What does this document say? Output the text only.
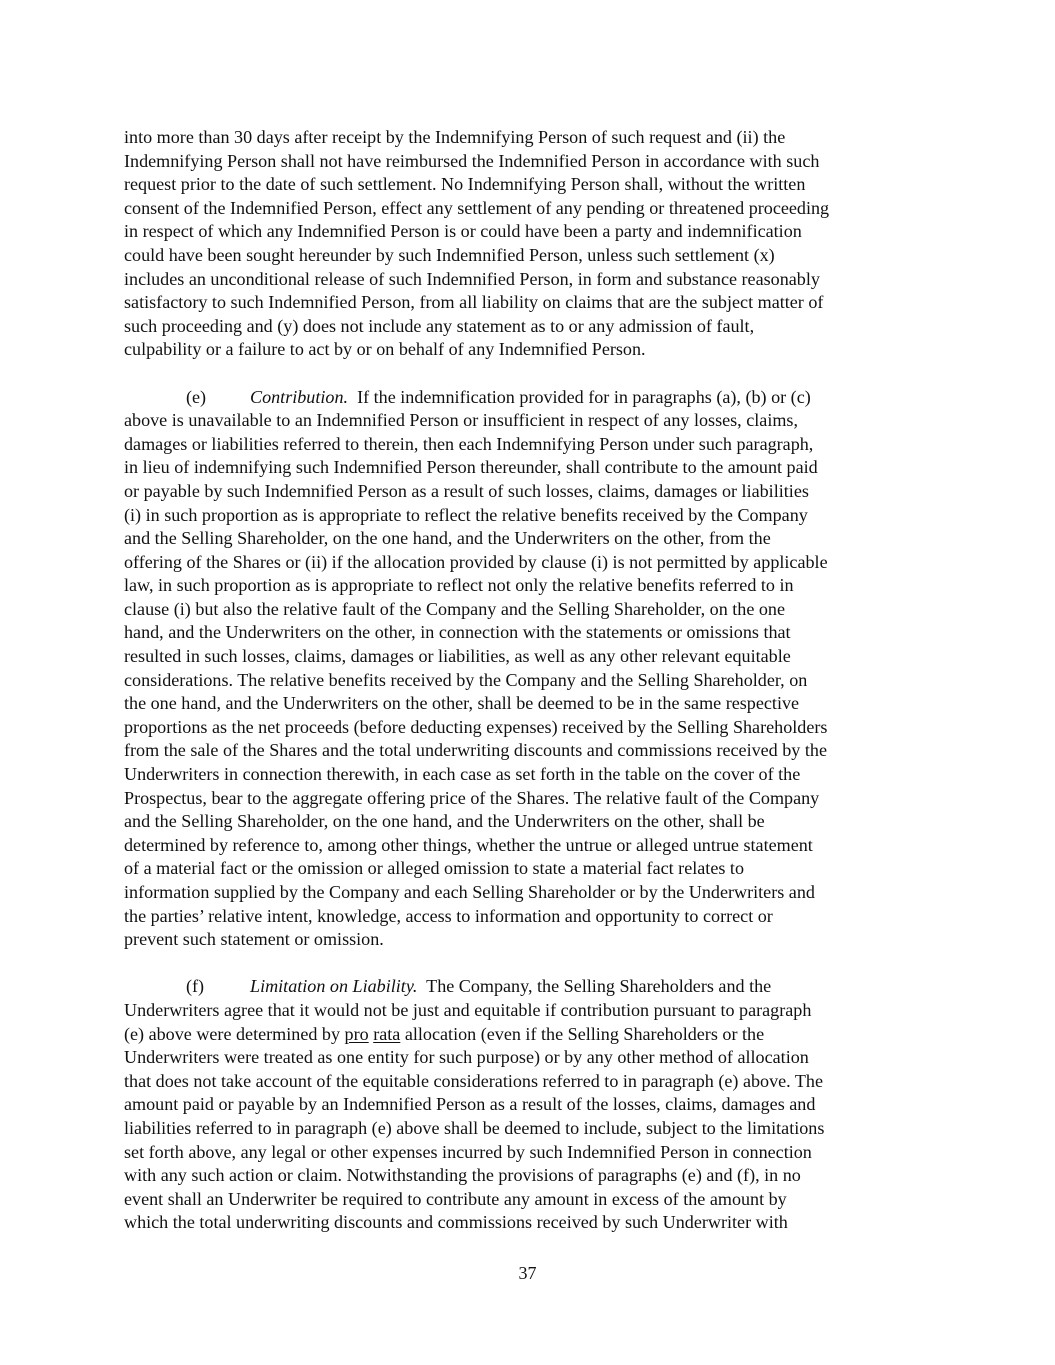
into more than 30 days after receipt by the Indemnifying Person of such request and (ii) the
Indemnifying Person shall not have reimbursed the Indemnified Person in accordance with such
request prior to the date of such settlement. No Indemnifying Person shall, without the written
consent of the Indemnified Person, effect any settlement of any pending or threatened proceeding
in respect of which any Indemnified Person is or could have been a party and indemnification
could have been sought hereunder by such Indemnified Person, unless such settlement (x)
includes an unconditional release of such Indemnified Person, in form and substance reasonably
satisfactory to such Indemnified Person, from all liability on claims that are the subject matter of
such proceeding and (y) does not include any statement as to or any admission of fault,
culpability or a failure to act by or on behalf of any Indemnified Person.

(e) Contribution. If the indemnification provided for in paragraphs (a), (b) or (c)
above is unavailable to an Indemnified Person or insufficient in respect of any losses, claims,
damages or liabilities referred to therein, then each Indemnifying Person under such paragraph,
in lieu of indemnifying such Indemnified Person thereunder, shall contribute to the amount paid
or payable by such Indemnified Person as a result of such losses, claims, damages or liabilities
(i) in such proportion as is appropriate to reflect the relative benefits received by the Company
and the Selling Shareholder, on the one hand, and the Underwriters on the other, from the
offering of the Shares or (ii) if the allocation provided by clause (i) is not permitted by applicable
law, in such proportion as is appropriate to reflect not only the relative benefits referred to in
clause (i) but also the relative fault of the Company and the Selling Shareholder, on the one
hand, and the Underwriters on the other, in connection with the statements or omissions that
resulted in such losses, claims, damages or liabilities, as well as any other relevant equitable
considerations. The relative benefits received by the Company and the Selling Shareholder, on
the one hand, and the Underwriters on the other, shall be deemed to be in the same respective
proportions as the net proceeds (before deducting expenses) received by the Selling Shareholders
from the sale of the Shares and the total underwriting discounts and commissions received by the
Underwriters in connection therewith, in each case as set forth in the table on the cover of the
Prospectus, bear to the aggregate offering price of the Shares. The relative fault of the Company
and the Selling Shareholder, on the one hand, and the Underwriters on the other, shall be
determined by reference to, among other things, whether the untrue or alleged untrue statement
of a material fact or the omission or alleged omission to state a material fact relates to
information supplied by the Company and each Selling Shareholder or by the Underwriters and
the parties’ relative intent, knowledge, access to information and opportunity to correct or
prevent such statement or omission.

(f)	Limitation on Liability. The Company, the Selling Shareholders and the
Underwriters agree that it would not be just and equitable if contribution pursuant to paragraph
(e) above were determined by pro rata allocation (even if the Selling Shareholders or the
Underwriters were treated as one entity for such purpose) or by any other method of allocation
that does not take account of the equitable considerations referred to in paragraph (e) above. The
amount paid or payable by an Indemnified Person as a result of the losses, claims, damages and
liabilities referred to in paragraph (e) above shall be deemed to include, subject to the limitations
set forth above, any legal or other expenses incurred by such Indemnified Person in connection
with any such action or claim. Notwithstanding the provisions of paragraphs (e) and (f), in no
event shall an Underwriter be required to contribute any amount in excess of the amount by
which the total underwriting discounts and commissions received by such Underwriter with

37
